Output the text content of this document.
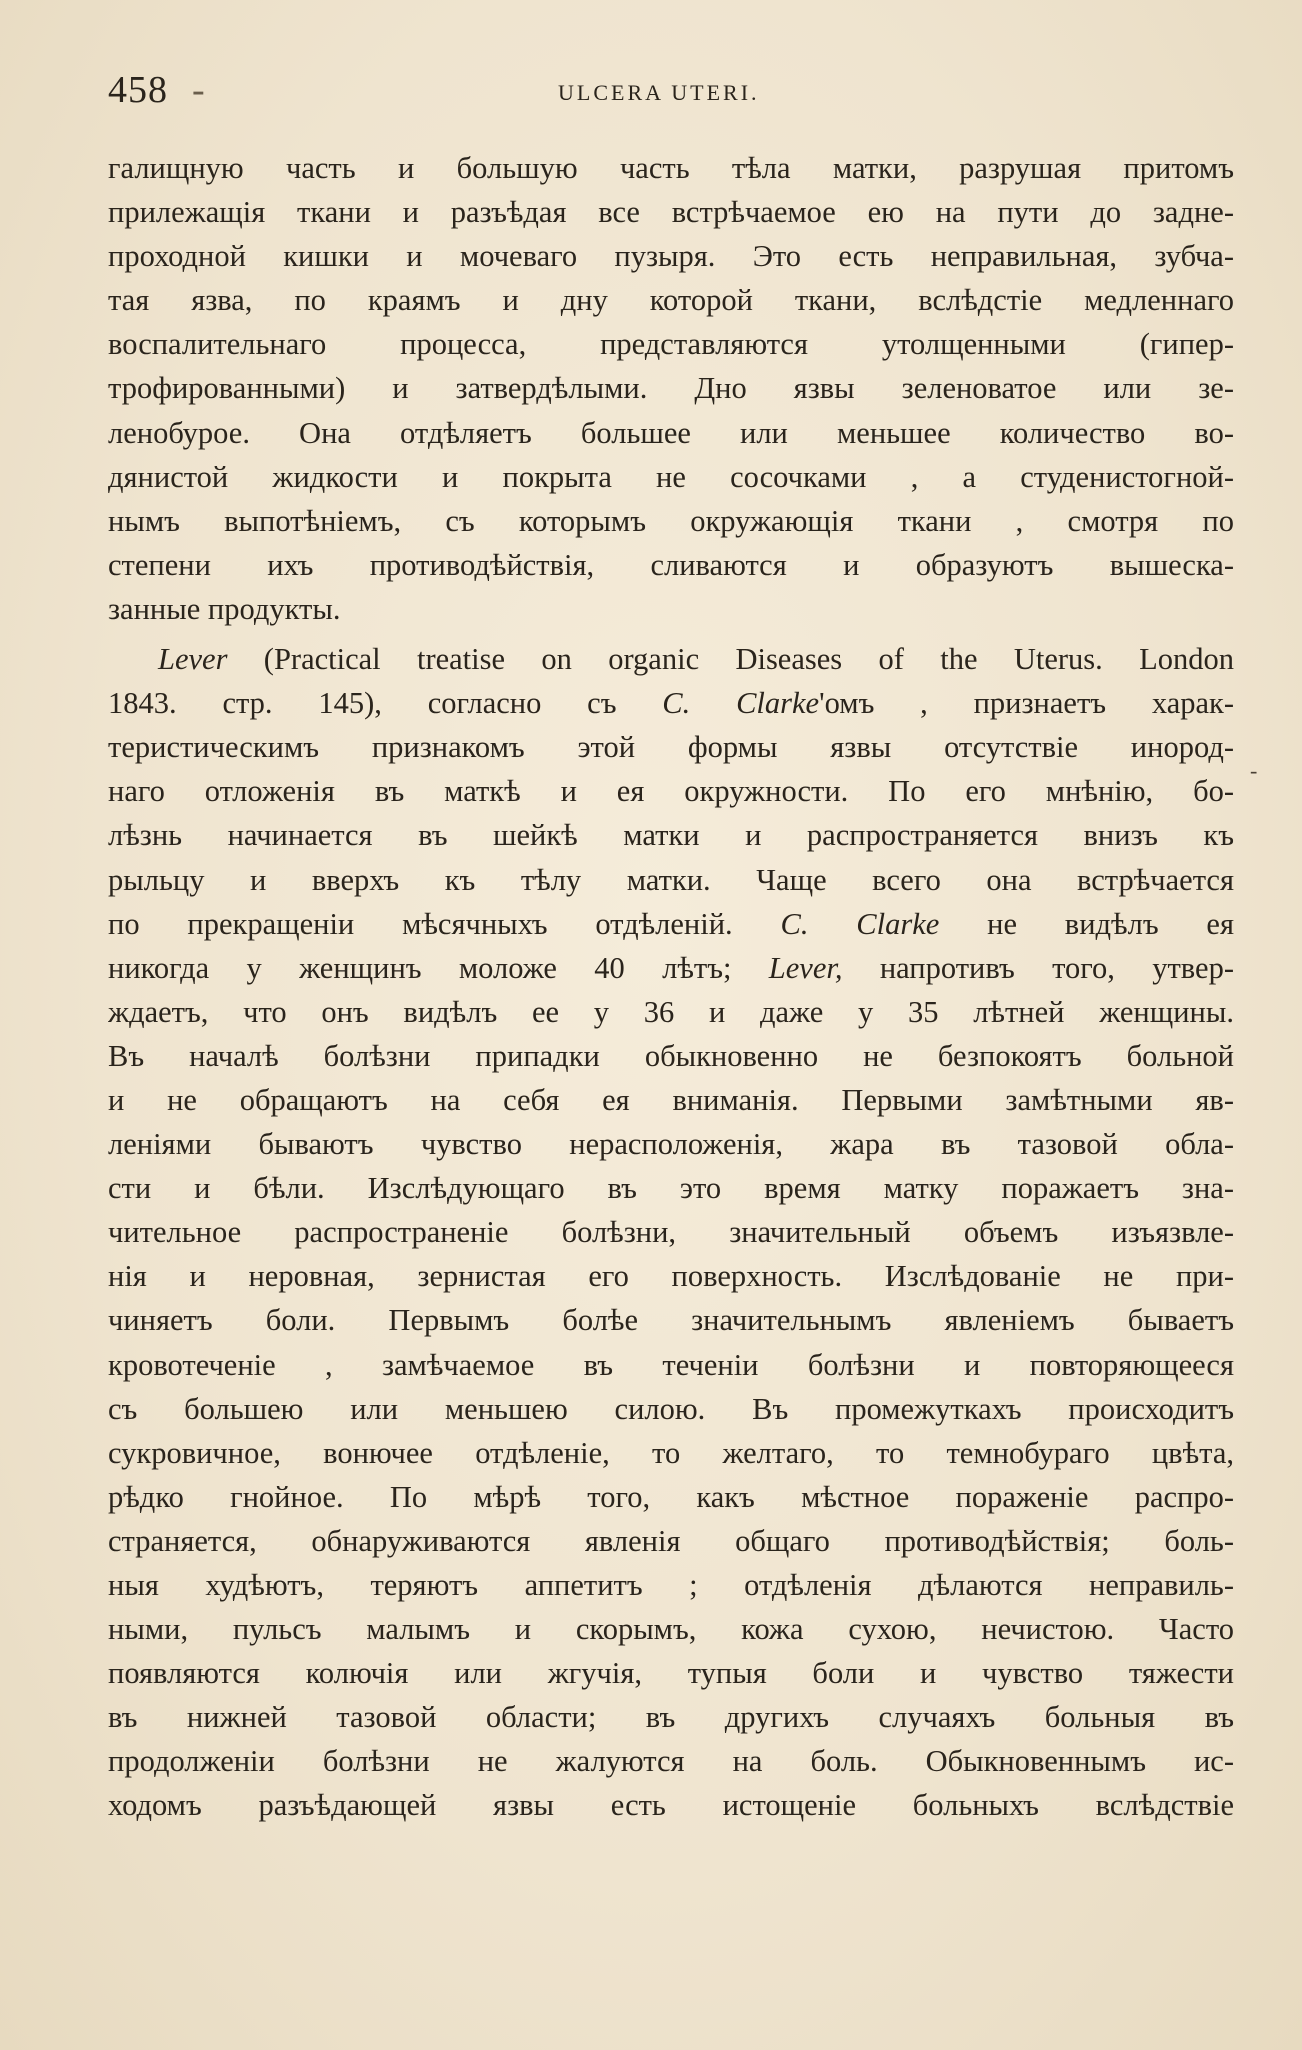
458 -	ULCERA UTERI.
галищную часть и большую часть тѣла матки, разрушая притомъ
прилежащія ткани и разъѣдая все встрѣчаемое ею на пути до задне-
проходной кишки и мочеваго пузыря. Это есть неправильная, зубча-
тая язва, по краямъ и дну которой ткани, вслѣдстіе медленнаго
воспалительнаго процесса, представляются утолщенными (гипер-
трофированными) и затвердѣлыми. Дно язвы зеленоватое или зе-
ленобурое. Она отдѣляетъ большее или меньшее количество во-
дянистой жидкости и покрыта не сосочками , а студенистогной-
нымъ выпотѣніемъ, съ которымъ окружающія ткани , смотря по
степени ихъ противодѣйствія, сливаются и образуютъ вышеска-
занные продукты.
Lever (Practical treatise on organic Diseases of the Uterus. London
1843. стр. 145), согласно съ C. Clarke'омъ , признаетъ харак-
теристическимъ признакомъ этой формы язвы отсутствіе инород-
наго отложенія въ маткѣ и ея окружности. По его мнѣнію, бо-
лѣзнь начинается въ шейкѣ матки и распространяется внизъ къ
рыльцу и вверхъ къ тѣлу матки. Чаще всего она встрѣчается
по прекращеніи мѣсячныхъ отдѣленій. C. Clarke не видѣлъ ея
никогда у женщинъ моложе 40 лѣтъ; Lever, напротивъ того, утвер-
ждаетъ, что онъ видѣлъ ее у 36 и даже у 35 лѣтней женщины.
Въ началѣ болѣзни припадки обыкновенно не безпокоятъ больной
и не обращаютъ на себя ея вниманія. Первыми замѣтными яв-
леніями бываютъ чувство нерасположенія, жара въ тазовой обла-
сти и бѣли. Изслѣдующаго въ это время матку поражаетъ зна-
чительное распространеніе болѣзни, значительный объемъ изъязвле-
нія и неровная, зернистая его поверхность. Изслѣдованіе не при-
чиняетъ боли. Первымъ болѣе значительнымъ явленіемъ бываетъ
кровотеченіе , замѣчаемое въ теченіи болѣзни и повторяющееся
съ большею или меньшею силою. Въ промежуткахъ происходитъ
сукровичное, вонючее отдѣленіе, то желтаго, то темнобураго цвѣта,
рѣдко гнойное. По мѣрѣ того, какъ мѣстное пораженіе распро-
страняется, обнаруживаются явленія общаго противодѣйствія; боль-
ныя худѣютъ, теряютъ аппетитъ ; отдѣленія дѣлаются неправиль-
ными, пульсъ малымъ и скорымъ, кожа сухою, нечистою. Часто
появляются колючія или жгучія, тупыя боли и чувство тяжести
въ нижней тазовой области; въ другихъ случаяхъ больныя въ
продолженіи болѣзни не жалуются на боль. Обыкновеннымъ ис-
ходомъ разъѣдающей язвы есть истощеніе больныхъ вслѣдствіе
-
